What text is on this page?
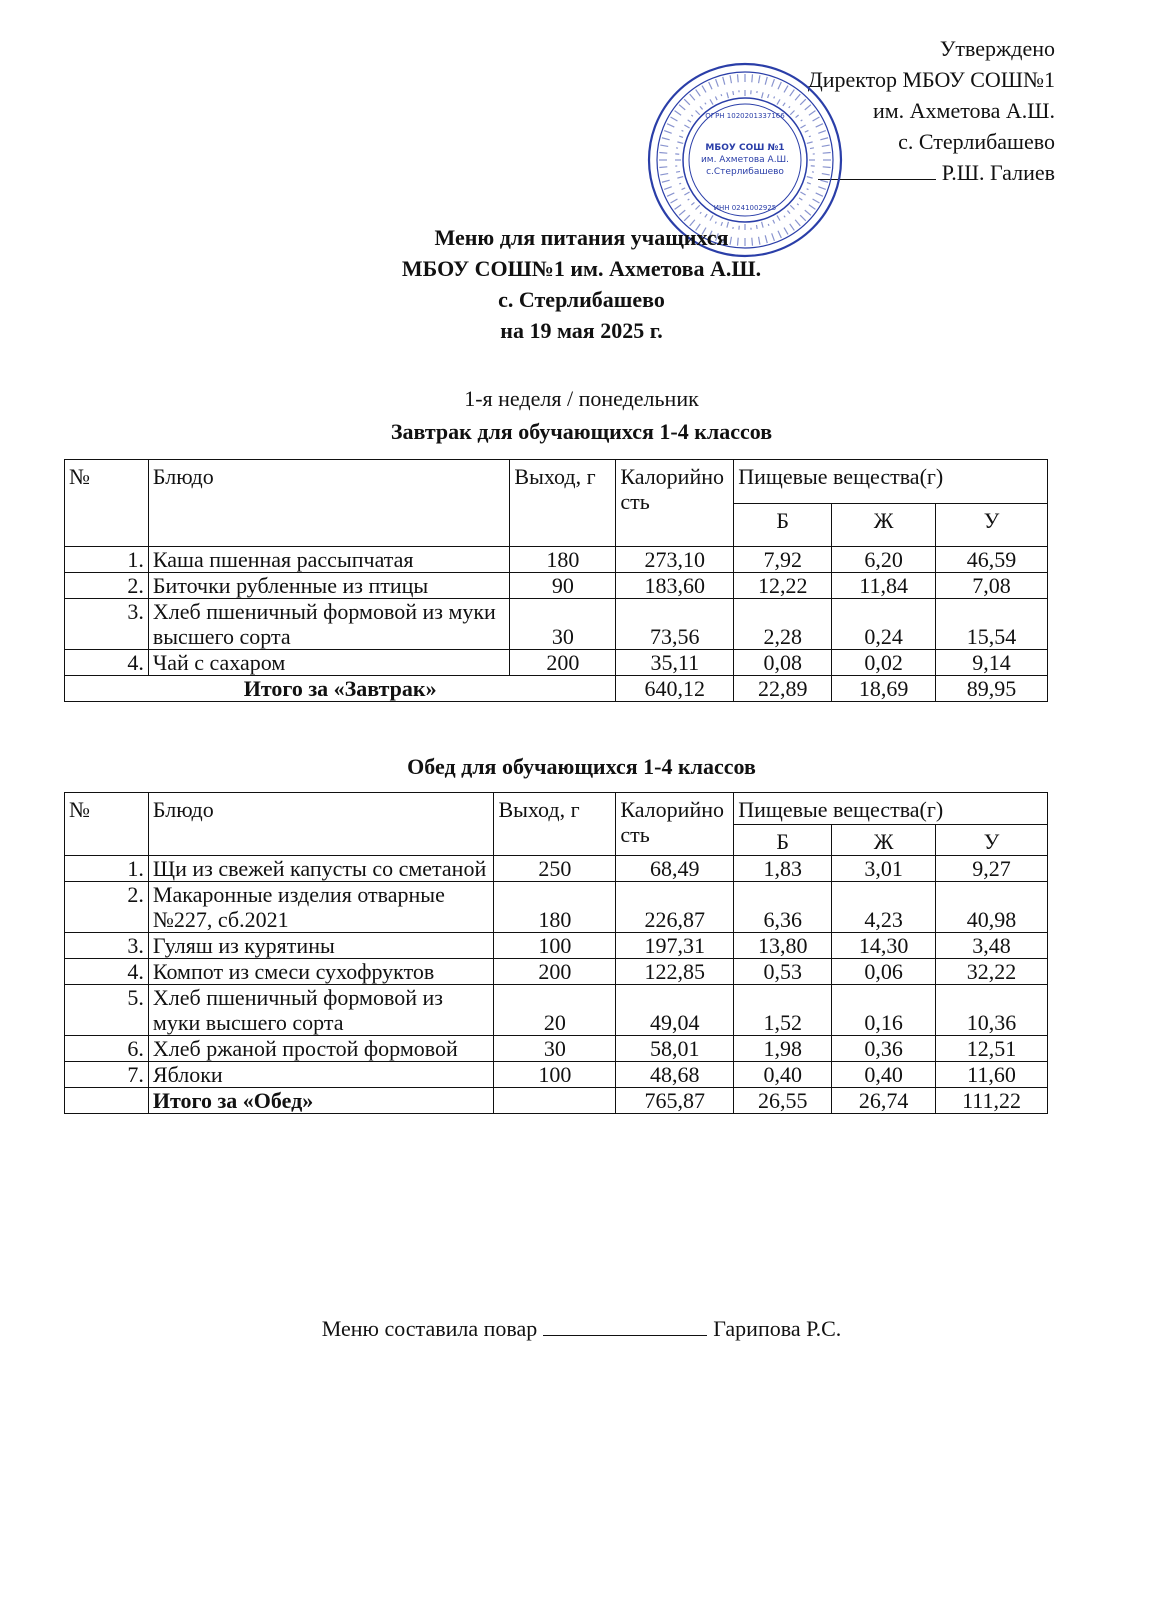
Утверждено
Директор МБОУ СОШ№1
им. Ахметова А.Ш.
с. Стерлибашево
Р.Ш. Галиев
МБОУ СОШ №1
им. Ахметова А.Ш.
с.Стерлибашево
ОГРН 1020201337166
ИНН 0241002925
Меню для питания учащихся
МБОУ СОШ№1 им. Ахметова А.Ш.
с. Стерлибашево
на 19 мая 2025 г.
1-я неделя / понедельник
Завтрак для обучающихся 1-4 классов
№	Блюдо	Выход, г	Калорийность	Пищевые вещества(г)		
				Б	Ж	У
1.	Каша пшенная рассыпчатая	180	273,10	7,92	6,20	46,59
2.	Биточки рубленные из птицы	90	183,60	12,22	11,84	7,08
3.	Хлеб пшеничный формовой из муки высшего сорта	30	73,56	2,28	0,24	15,54
4.	Чай с сахаром	200	35,11	0,08	0,02	9,14
Итого за «Завтрак»			640,12	22,89	18,69	89,95
Обед для обучающихся 1-4 классов
№	Блюдо	Выход, г	Калорийность	Пищевые вещества(г)		
				Б	Ж	У
1.	Щи из свежей капусты со сметаной	250	68,49	1,83	3,01	9,27
2.	Макаронные изделия отварные №227, сб.2021	180	226,87	6,36	4,23	40,98
3.	Гуляш из курятины	100	197,31	13,80	14,30	3,48
4.	Компот из смеси сухофруктов	200	122,85	0,53	0,06	32,22
5.	Хлеб пшеничный формовой из муки высшего сорта	20	49,04	1,52	0,16	10,36
6.	Хлеб ржаной простой формовой	30	58,01	1,98	0,36	12,51
7.	Яблоки	100	48,68	0,40	0,40	11,60
	Итого за «Обед»		765,87	26,55	26,74	111,22
Меню составила повар	Гарипова Р.С.
